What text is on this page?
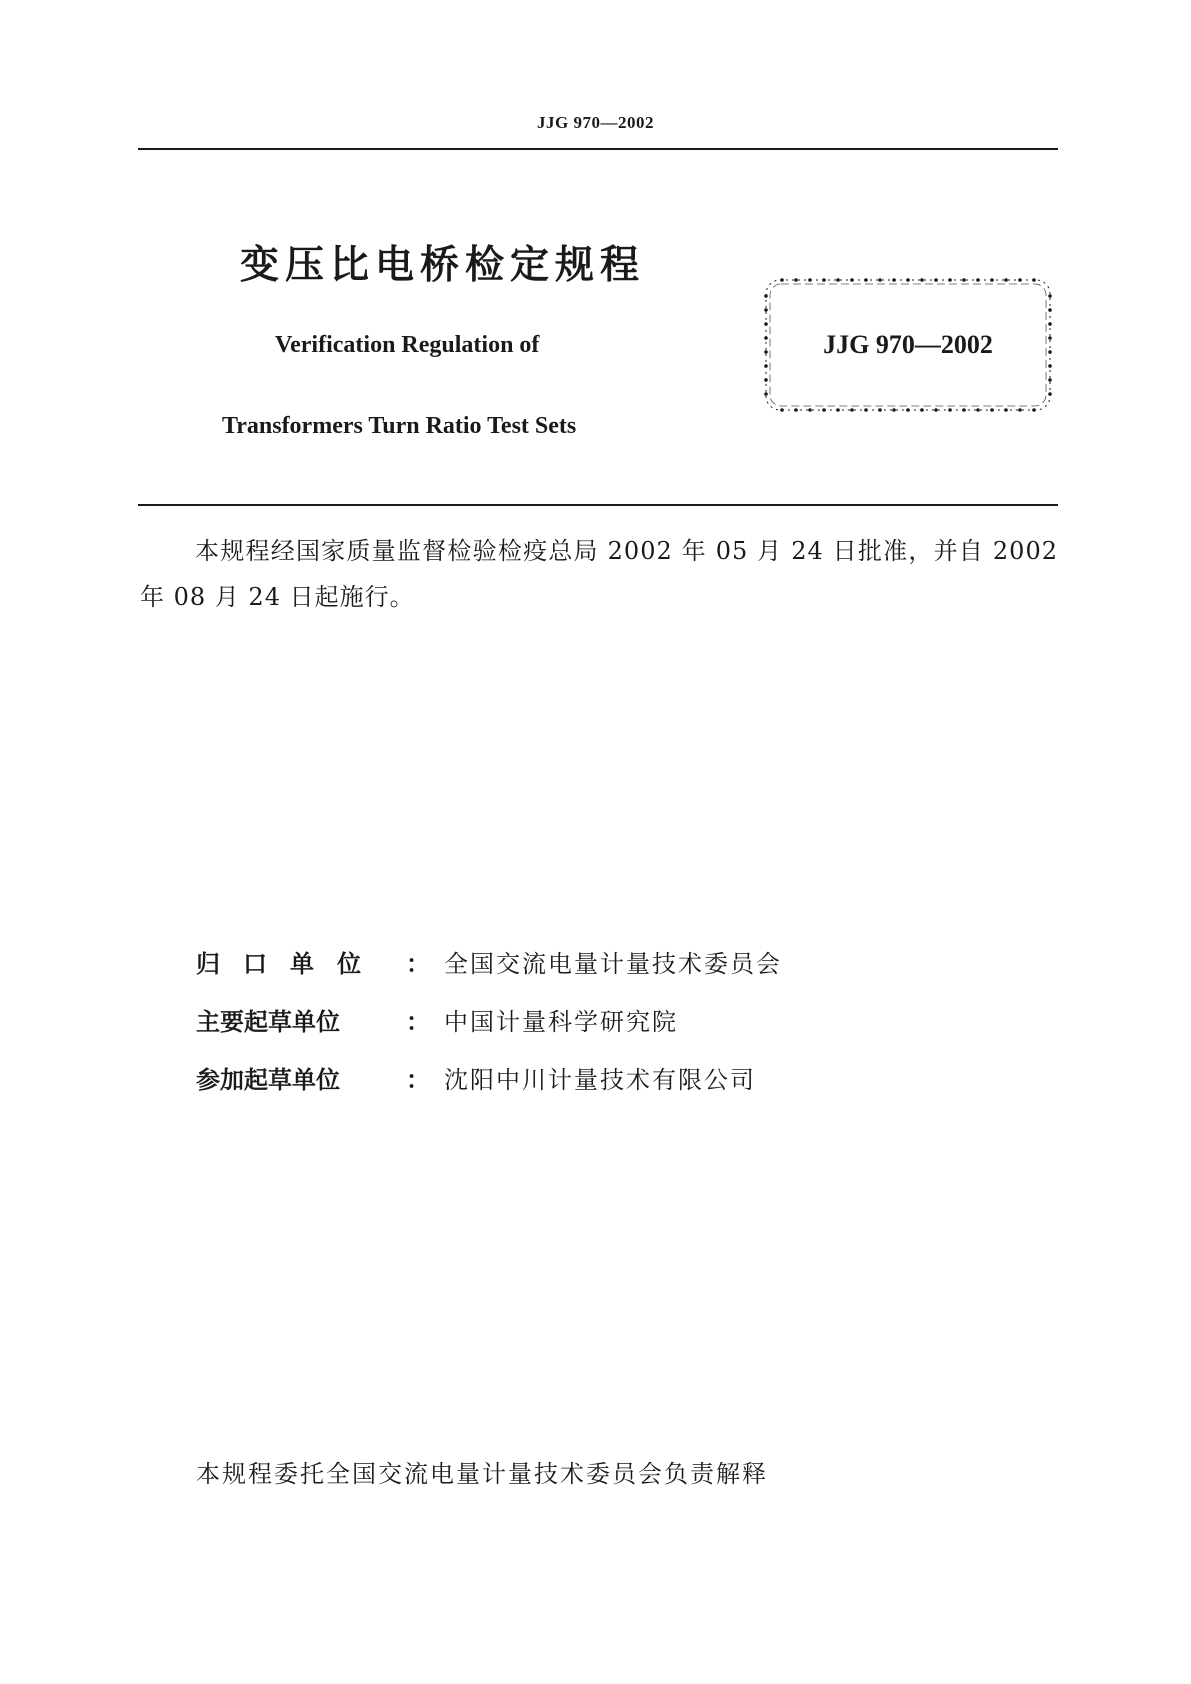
JJG 970—2002
变压比电桥检定规程
Verification Regulation of
Transformers Turn Ratio Test Sets
JJG 970—2002
本规程经国家质量监督检验检疫总局 2002 年 05 月 24 日批准，并自 2002 年 08 月 24 日起施行。
归口单位 ： 全国交流电量计量技术委员会
主要起草单位	： 中国计量科学研究院
参加起草单位	： 沈阳中川计量技术有限公司
本规程委托全国交流电量计量技术委员会负责解释
